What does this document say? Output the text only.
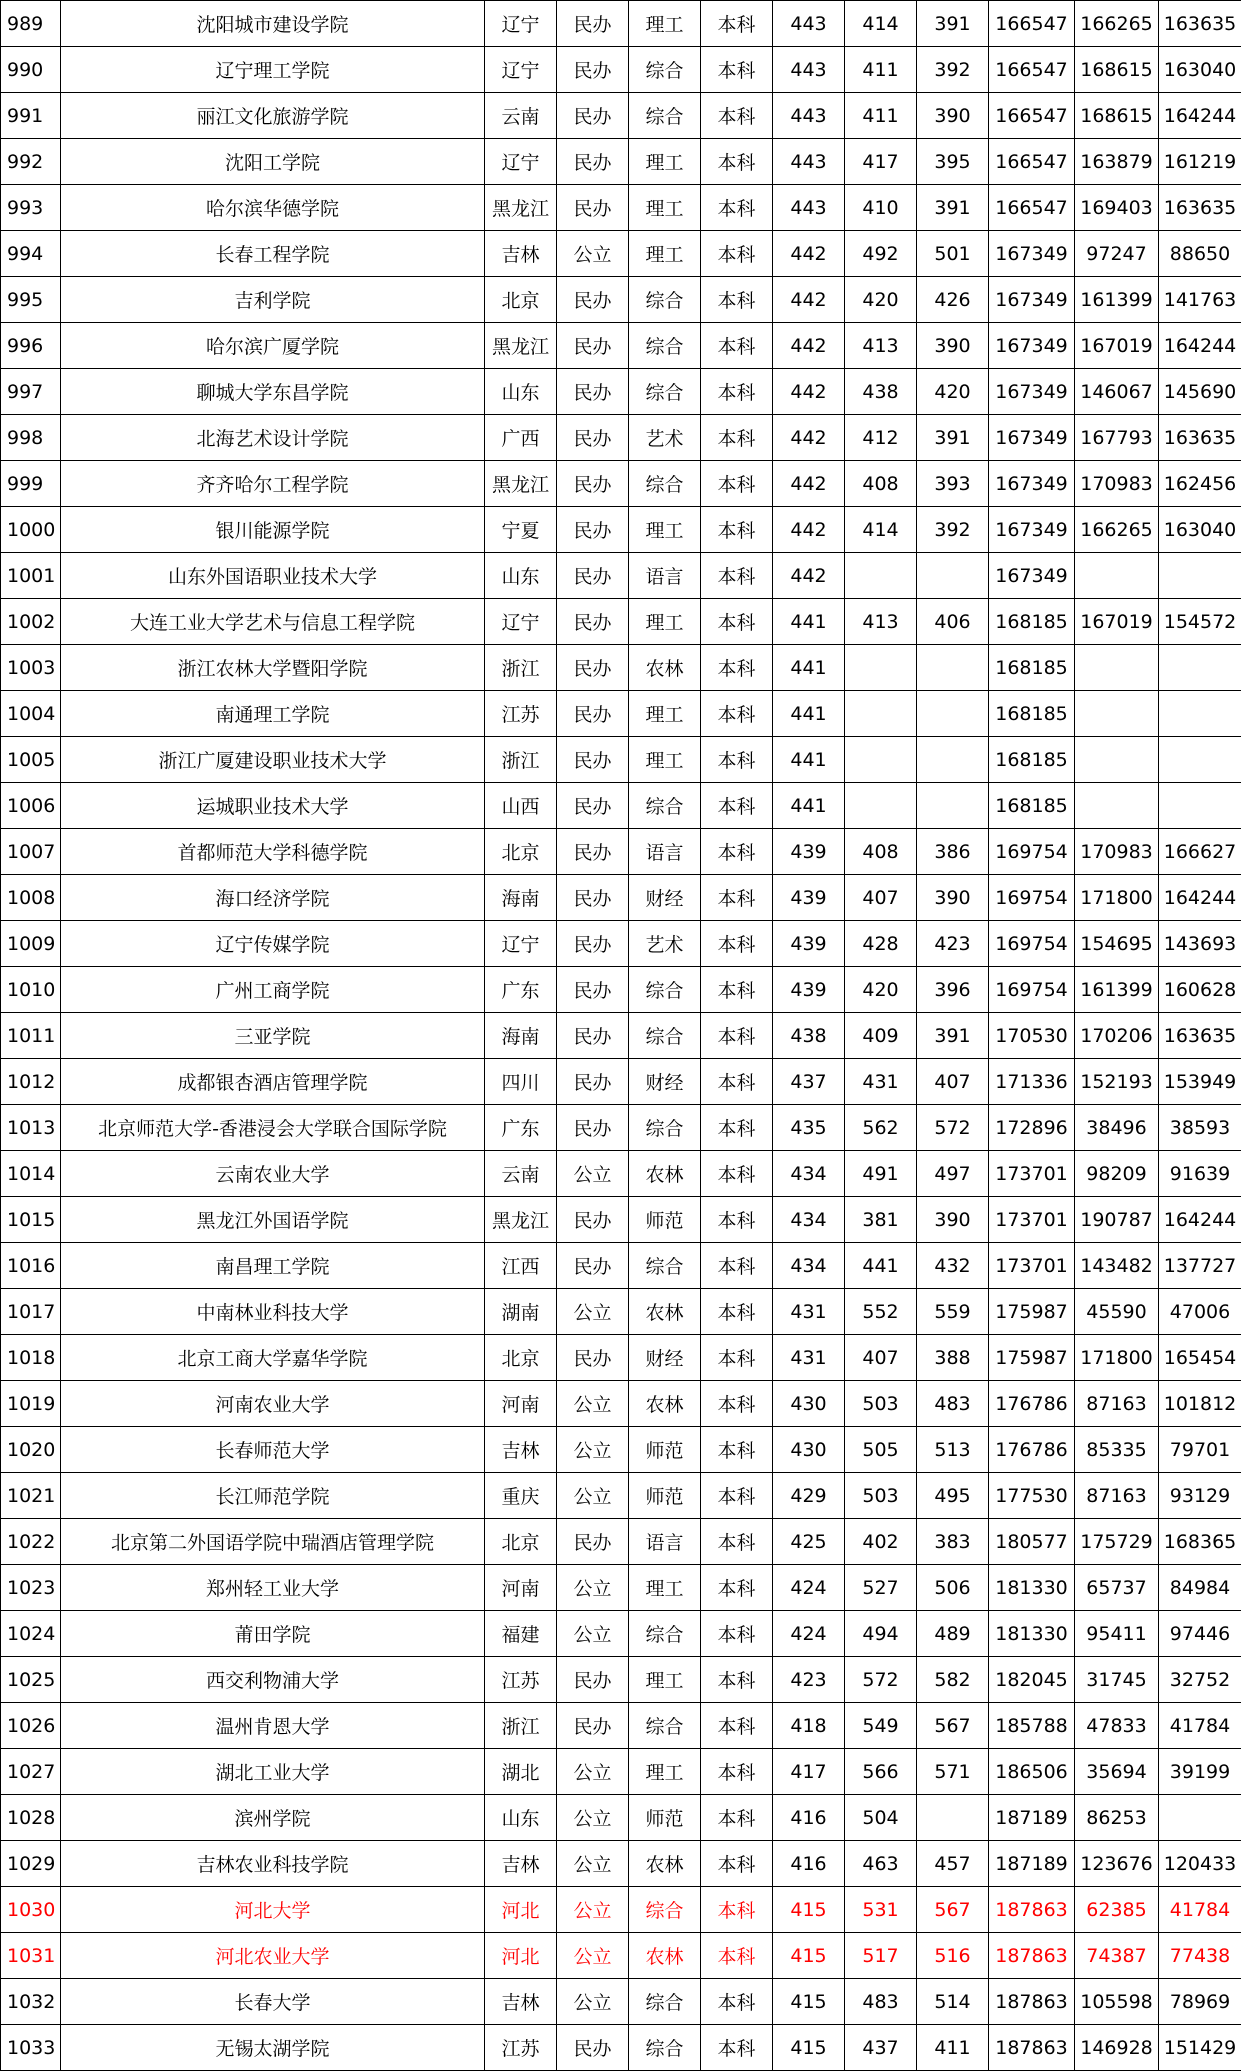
989	沈阳城市建设学院	辽宁	民办	理工	本科	443	414	391	166547	166265	163635
990	辽宁理工学院	辽宁	民办	综合	本科	443	411	392	166547	168615	163040
991	丽江文化旅游学院	云南	民办	综合	本科	443	411	390	166547	168615	164244
992	沈阳工学院	辽宁	民办	理工	本科	443	417	395	166547	163879	161219
993	哈尔滨华德学院	黑龙江	民办	理工	本科	443	410	391	166547	169403	163635
994	长春工程学院	吉林	公立	理工	本科	442	492	501	167349	97247	88650
995	吉利学院	北京	民办	综合	本科	442	420	426	167349	161399	141763
996	哈尔滨广厦学院	黑龙江	民办	综合	本科	442	413	390	167349	167019	164244
997	聊城大学东昌学院	山东	民办	综合	本科	442	438	420	167349	146067	145690
998	北海艺术设计学院	广西	民办	艺术	本科	442	412	391	167349	167793	163635
999	齐齐哈尔工程学院	黑龙江	民办	综合	本科	442	408	393	167349	170983	162456
1000	银川能源学院	宁夏	民办	理工	本科	442	414	392	167349	166265	163040
1001	山东外国语职业技术大学	山东	民办	语言	本科	442			167349		
1002	大连工业大学艺术与信息工程学院	辽宁	民办	理工	本科	441	413	406	168185	167019	154572
1003	浙江农林大学暨阳学院	浙江	民办	农林	本科	441			168185		
1004	南通理工学院	江苏	民办	理工	本科	441			168185		
1005	浙江广厦建设职业技术大学	浙江	民办	理工	本科	441			168185		
1006	运城职业技术大学	山西	民办	综合	本科	441			168185		
1007	首都师范大学科德学院	北京	民办	语言	本科	439	408	386	169754	170983	166627
1008	海口经济学院	海南	民办	财经	本科	439	407	390	169754	171800	164244
1009	辽宁传媒学院	辽宁	民办	艺术	本科	439	428	423	169754	154695	143693
1010	广州工商学院	广东	民办	综合	本科	439	420	396	169754	161399	160628
1011	三亚学院	海南	民办	综合	本科	438	409	391	170530	170206	163635
1012	成都银杏酒店管理学院	四川	民办	财经	本科	437	431	407	171336	152193	153949
1013	北京师范大学-香港浸会大学联合国际学院	广东	民办	综合	本科	435	562	572	172896	38496	38593
1014	云南农业大学	云南	公立	农林	本科	434	491	497	173701	98209	91639
1015	黑龙江外国语学院	黑龙江	民办	师范	本科	434	381	390	173701	190787	164244
1016	南昌理工学院	江西	民办	综合	本科	434	441	432	173701	143482	137727
1017	中南林业科技大学	湖南	公立	农林	本科	431	552	559	175987	45590	47006
1018	北京工商大学嘉华学院	北京	民办	财经	本科	431	407	388	175987	171800	165454
1019	河南农业大学	河南	公立	农林	本科	430	503	483	176786	87163	101812
1020	长春师范大学	吉林	公立	师范	本科	430	505	513	176786	85335	79701
1021	长江师范学院	重庆	公立	师范	本科	429	503	495	177530	87163	93129
1022	北京第二外国语学院中瑞酒店管理学院	北京	民办	语言	本科	425	402	383	180577	175729	168365
1023	郑州轻工业大学	河南	公立	理工	本科	424	527	506	181330	65737	84984
1024	莆田学院	福建	公立	综合	本科	424	494	489	181330	95411	97446
1025	西交利物浦大学	江苏	民办	理工	本科	423	572	582	182045	31745	32752
1026	温州肯恩大学	浙江	民办	综合	本科	418	549	567	185788	47833	41784
1027	湖北工业大学	湖北	公立	理工	本科	417	566	571	186506	35694	39199
1028	滨州学院	山东	公立	师范	本科	416	504		187189	86253	
1029	吉林农业科技学院	吉林	公立	农林	本科	416	463	457	187189	123676	120433
1030	河北大学	河北	公立	综合	本科	415	531	567	187863	62385	41784
1031	河北农业大学	河北	公立	农林	本科	415	517	516	187863	74387	77438
1032	长春大学	吉林	公立	综合	本科	415	483	514	187863	105598	78969
1033	无锡太湖学院	江苏	民办	综合	本科	415	437	411	187863	146928	151429
